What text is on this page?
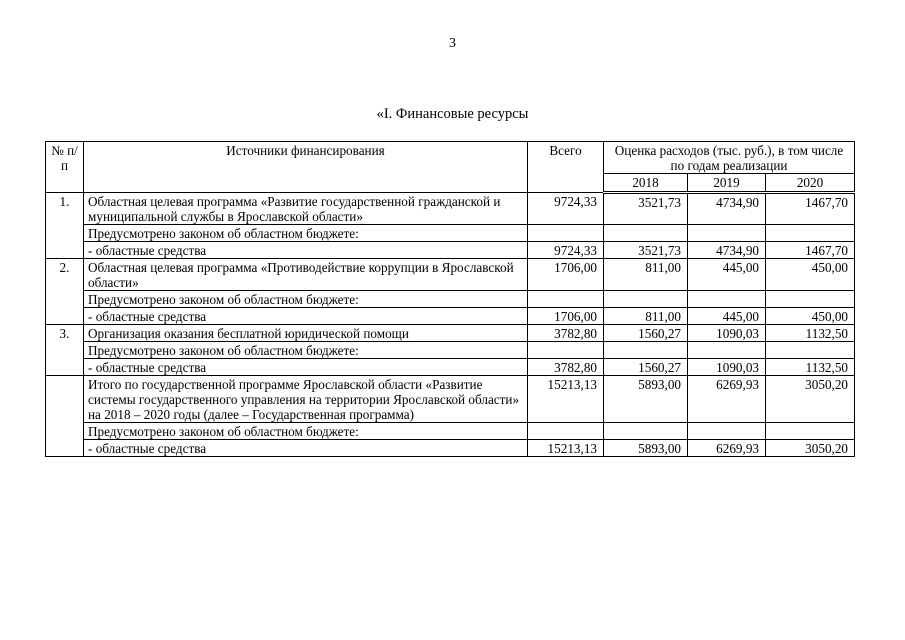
3
«I. Финансовые ресурсы
№ п/п	Источники финансирования	Всего	Оценка расходов (тыс. руб.), в том числе по годам реализации		
			2018	2019	2020
1.	Областная целевая программа «Развитие государственной гражданской и муниципальной службы в Ярославской области»	9724,33	3521,73	4734,90	1467,70
	Предусмотрено законом об областном бюджете:				
	- областные средства	9724,33	3521,73	4734,90	1467,70
2.	Областная целевая программа «Противодействие коррупции в Ярославской области»	1706,00	811,00	445,00	450,00
	Предусмотрено законом об областном бюджете:				
	- областные средства	1706,00	811,00	445,00	450,00
3.	Организация оказания бесплатной юридической помощи	3782,80	1560,27	1090,03	1132,50
	Предусмотрено законом об областном бюджете:				
	- областные средства	3782,80	1560,27	1090,03	1132,50
	Итого по государственной программе Ярославской области «Развитие системы государственного управления на территории Ярославской области» на 2018 – 2020 годы (далее – Государственная программа)	15213,13	5893,00	6269,93	3050,20
	Предусмотрено законом об областном бюджете:				
	- областные средства	15213,13	5893,00	6269,93	3050,20
